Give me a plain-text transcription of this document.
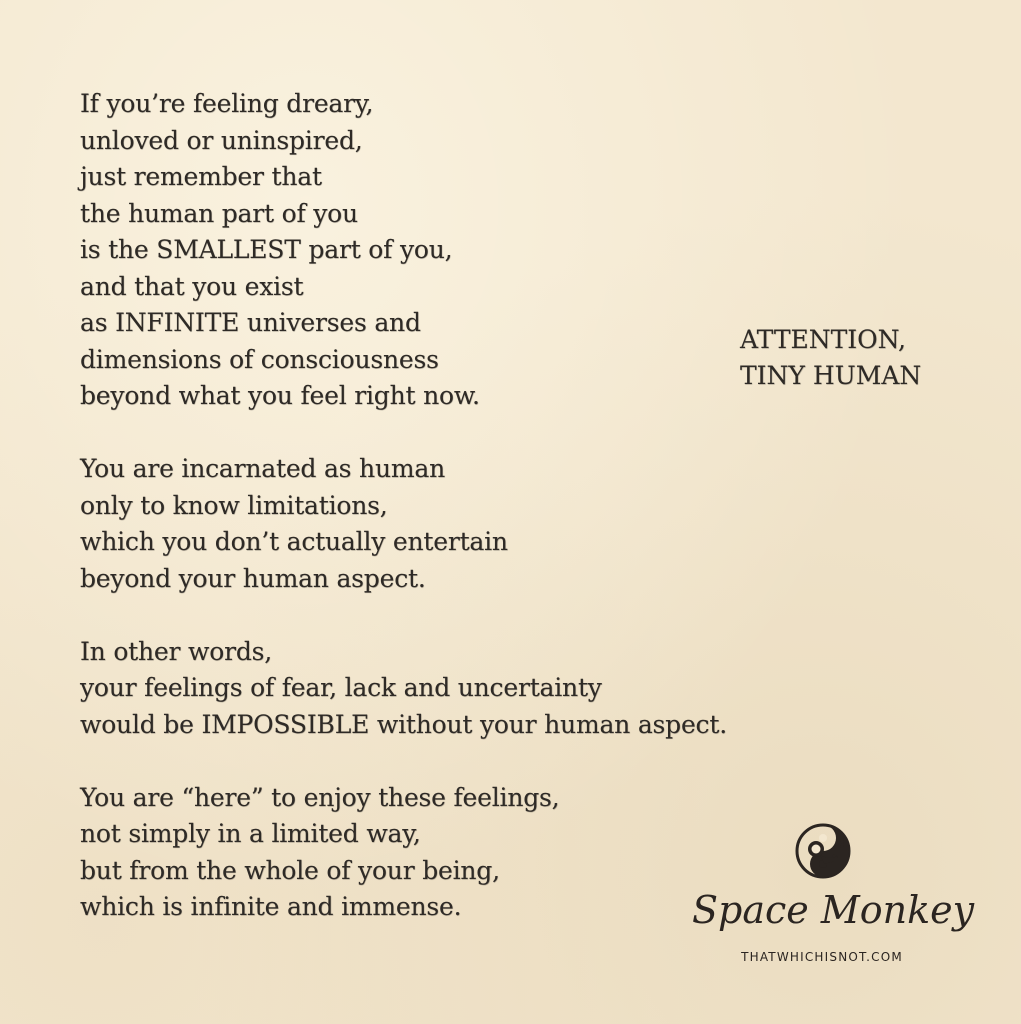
If you’re feeling dreary,
unloved or uninspired,
just remember that
the human part of you
is the SMALLEST part of you,
and that you exist
as INFINITE universes and
dimensions of consciousness
beyond what you feel right now.
You are incarnated as human
only to know limitations,
which you don’t actually entertain
beyond your human aspect.
In other words,
your feelings of fear, lack and uncertainty
would be IMPOSSIBLE without your human aspect.
You are “here” to enjoy these feelings,
not simply in a limited way,
but from the whole of your being,
which is infinite and immense.
ATTENTION,
TINY HUMAN
Space Monkey
THATWHICHISNOT.COM
